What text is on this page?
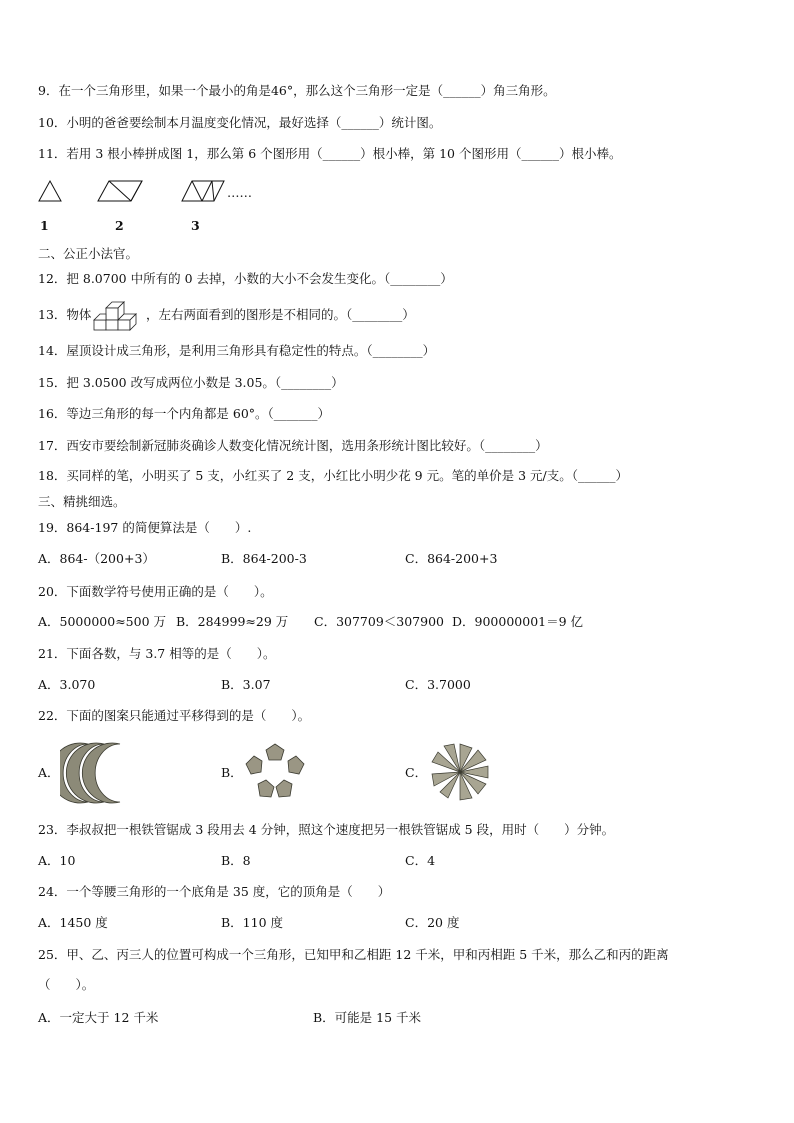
9．在一个三角形里，如果一个最小的角是46°，那么这个三角形一定是（______）角三角形。
10．小明的爸爸要绘制本月温度变化情况，最好选择（______）统计图。
11．若用 3 根小棒拼成图 1，那么第 6 个图形用（______）根小棒，第 10 个图形用（______）根小棒。
……
1	2	3
二、公正小法官。
12．把 8.0700 中所有的 0 去掉，小数的大小不会发生变化。（________）
13．物体	，左右两面看到的图形是不相同的。（________）
14．屋顶设计成三角形，是利用三角形具有稳定性的特点。（________）
15．把 3.0500 改写成两位小数是 3.05。（________）
16．等边三角形的每一个内角都是 60°。（_______）
17．西安市要绘制新冠肺炎确诊人数变化情况统计图，选用条形统计图比较好。（________）
18．买同样的笔，小明买了 5 支，小红买了 2 支，小红比小明少花 9 元。笔的单价是 3 元/支。（______）
三、精挑细选。
19．864-197 的简便算法是（　　）.
A．864-（200+3）	B．864-200-3	C．864-200+3
20．下面数学符号使用正确的是（　　）。
A．5000000≈500 万 B．284999≈29 万 C．307709＜307900 D．900000001＝9 亿
21．下面各数，与 3.7 相等的是（　　）。
A．3.070	B．3.07	C．3.7000
22．下面的图案只能通过平移得到的是（　　）。
A．	B．	C．
23．李叔叔把一根铁管锯成 3 段用去 4 分钟，照这个速度把另一根铁管锯成 5 段，用时（　　）分钟。
A．10	B．8	C．4
24．一个等腰三角形的一个底角是 35 度，它的顶角是（　　）
A．1450 度	B．110 度	C．20 度
25．甲、乙、丙三人的位置可构成一个三角形，已知甲和乙相距 12 千米，甲和丙相距 5 千米，那么乙和丙的距离
（　　）。
A．一定大于 12 千米	B．可能是 15 千米
